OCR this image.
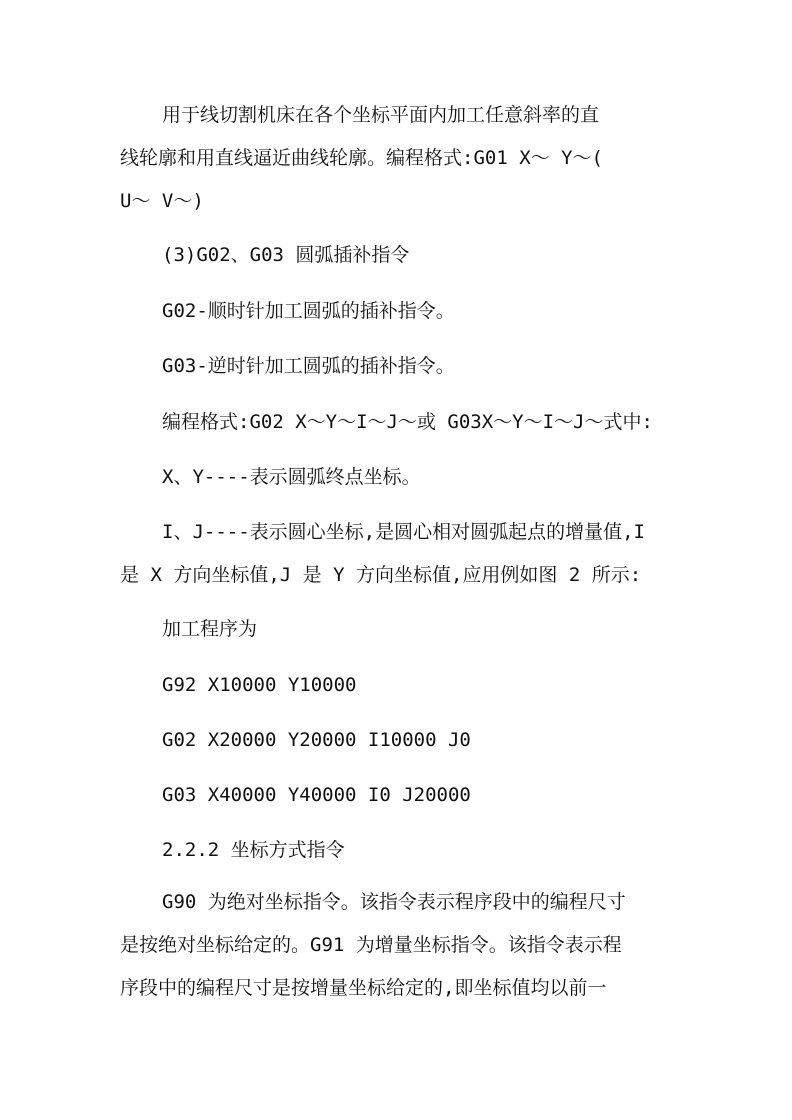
用于线切割机床在各个坐标平面内加工任意斜率的直
线轮廓和用直线逼近曲线轮廓。编程格式:G01 X～ Y～(
U～ V～)
(3)G02、G03 圆弧插补指令
G02-顺时针加工圆弧的插补指令。
G03-逆时针加工圆弧的插补指令。
编程格式:G02 X～Y～I～J～或 G03X～Y～I～J～式中:
X、Y----表示圆弧终点坐标。
I、J----表示圆心坐标,是圆心相对圆弧起点的增量值,I
是 X 方向坐标值,J 是 Y 方向坐标值,应用例如图 2 所示:
加工程序为
G92 X10000 Y10000
G02 X20000 Y20000 I10000 J0
G03 X40000 Y40000 I0 J20000
2.2.2 坐标方式指令
G90 为绝对坐标指令。该指令表示程序段中的编程尺寸
是按绝对坐标给定的。G91 为增量坐标指令。该指令表示程
序段中的编程尺寸是按增量坐标给定的,即坐标值均以前一
